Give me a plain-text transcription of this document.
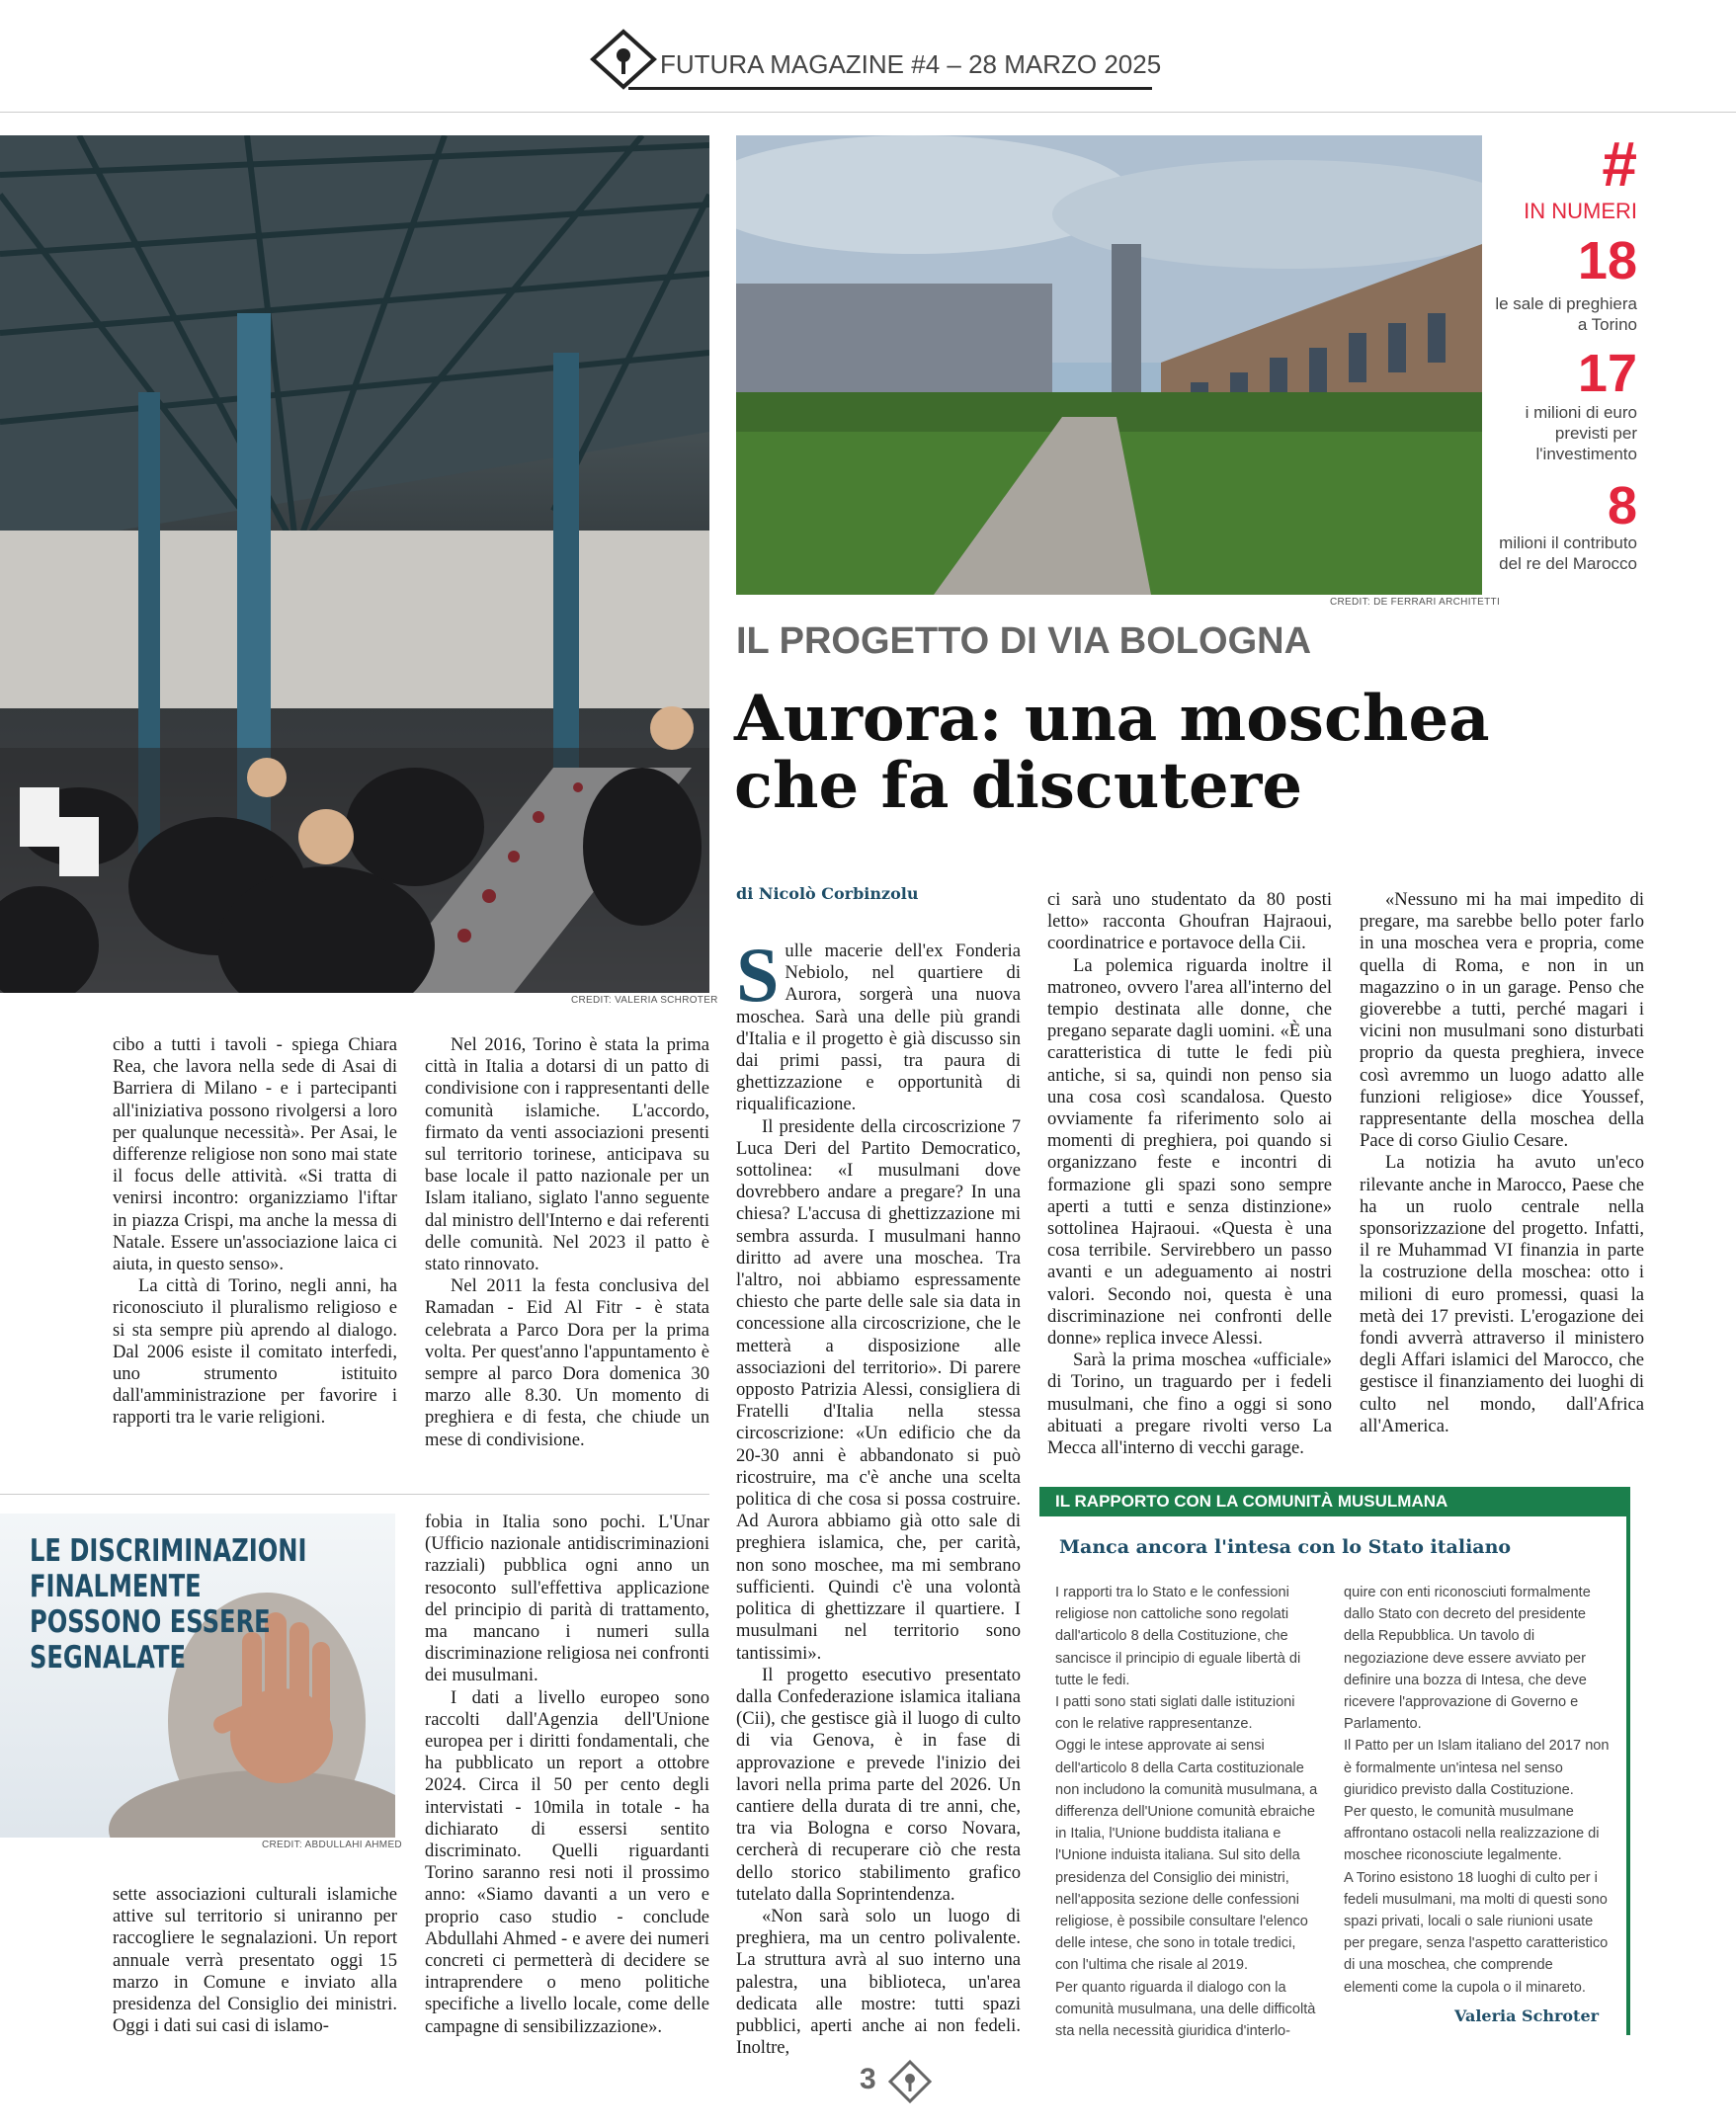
FUTURA MAGAZINE #4 – 28 MARZO 2025
CREDIT: VALERIA SCHROTER
CREDIT: DE FERRARI ARCHITETTI
#
IN NUMERI
18
le sale di preghiera a Torino
17
i milioni di euro previsti per l'investimento
8
milioni il contributo del re del Marocco
IL PROGETTO DI VIA BOLOGNA
Aurora: una moschea
che fa discutere
di Nicolò Corbinzolu

Sulle macerie dell'ex Fonderia Nebiolo, nel quartiere di Aurora, sorgerà una nuova moschea. Sarà una delle più grandi d'Italia e il progetto è già discusso sin dai primi passi, tra paura di ghettizzazione e opportunità di riqualificazione.

Il presidente della circoscrizione 7 Luca Deri del Partito Democratico, sottolinea: «I musulmani dove dovrebbero andare a pregare? In una chiesa? L'accusa di ghettizzazione mi sembra assurda. I musulmani hanno diritto ad avere una moschea. Tra l'altro, noi abbiamo espressamente chiesto che parte delle sale sia data in concessione alla circoscrizione, che le metterà a disposizione alle associazioni del territorio». Di parere opposto Patrizia Alessi, consigliera di Fratelli d'Italia nella stessa circoscrizione: «Un edificio che da 20-30 anni è abbandonato si può ricostruire, ma c'è anche una scelta politica di che cosa si possa costruire. Ad Aurora abbiamo già otto sale di preghiera islamica, che, per carità, non sono moschee, ma mi sembrano sufficienti. Quindi c'è una volontà politica di ghettizzare il quartiere. I musulmani nel territorio sono tantissimi».

Il progetto esecutivo presentato dalla Confederazione islamica italiana (Cii), che gestisce già il luogo di culto di via Genova, è in fase di approvazione e prevede l'inizio dei lavori nella prima parte del 2026. Un cantiere della durata di tre anni, che, tra via Bologna e corso Novara, cercherà di recuperare ciò che resta dello storico stabilimento grafico tutelato dalla Soprintendenza.

«Non sarà solo un luogo di preghiera, ma un centro polivalente. La struttura avrà al suo interno una palestra, una biblioteca, un'area dedicata alle mostre: tutti spazi pubblici, aperti anche ai non fedeli. Inoltre,

ci sarà uno studentato da 80 posti letto» racconta Ghoufran Hajraoui, coordinatrice e portavoce della Cii.

La polemica riguarda inoltre il matroneo, ovvero l'area all'interno del tempio destinata alle donne, che pregano separate dagli uomini. «È una caratteristica di tutte le fedi più antiche, si sa, quindi non penso sia una cosa così scandalosa. Questo ovviamente fa riferimento solo ai momenti di preghiera, poi quando si organizzano feste e incontri di formazione gli spazi sono sempre aperti a tutti e senza distinzione» sottolinea Hajraoui. «Questa è una cosa terribile. Servirebbero un passo avanti e un adeguamento ai nostri valori. Secondo noi, questa è una discriminazione nei confronti delle donne» replica invece Alessi.

Sarà la prima moschea «ufficiale» di Torino, un traguardo per i fedeli musulmani, che fino a oggi si sono abituati a pregare rivolti verso La Mecca all'interno di vecchi garage.

«Nessuno mi ha mai impedito di pregare, ma sarebbe bello poter farlo in una moschea vera e propria, come quella di Roma, e non in un magazzino o in un garage. Penso che gioverebbe a tutti, perché magari i vicini non musulmani sono disturbati proprio da questa preghiera, invece così avremmo un luogo adatto alle funzioni religiose» dice Youssef, rappresentante della moschea della Pace di corso Giulio Cesare.

La notizia ha avuto un'eco rilevante anche in Marocco, Paese che ha un ruolo centrale nella sponsorizzazione del progetto. Infatti, il re Muhammad VI finanzia in parte la costruzione della moschea: otto i milioni di euro promessi, quasi la metà dei 17 previsti. L'erogazione dei fondi avverrà attraverso il ministero degli Affari islamici del Marocco, che gestisce il finanziamento dei luoghi di culto nel mondo, dall'Africa all'America.

cibo a tutti i tavoli - spiega Chiara Rea, che lavora nella sede di Asai di Barriera di Milano - e i partecipanti all'iniziativa possono rivolgersi a loro per qualunque necessità». Per Asai, le differenze religiose non sono mai state il focus delle attività. «Si tratta di venirsi incontro: organizziamo l'iftar in piazza Crispi, ma anche la messa di Natale. Essere un'associazione laica ci aiuta, in questo senso».

La città di Torino, negli anni, ha riconosciuto il pluralismo religioso e si sta sempre più aprendo al dialogo. Dal 2006 esiste il comitato interfedi, uno strumento istituito dall'amministrazione per favorire i rapporti tra le varie religioni.

Nel 2016, Torino è stata la prima città in Italia a dotarsi di un patto di condivisione con i rappresentanti delle comunità islamiche. L'accordo, firmato da venti associazioni presenti sul territorio torinese, anticipava su base locale il patto nazionale per un Islam italiano, siglato l'anno seguente dal ministro dell'Interno e dai referenti delle comunità. Nel 2023 il patto è stato rinnovato.

Nel 2011 la festa conclusiva del Ramadan - Eid Al Fitr - è stata celebrata a Parco Dora per la prima volta. Per quest'anno l'appuntamento è sempre al parco Dora domenica 30 marzo alle 8.30. Un momento di preghiera e di festa, che chiude un mese di condivisione.

LE DISCRIMINAZIONI
FINALMENTE
POSSONO ESSERE
SEGNALATE
CREDIT: ABDULLAHI AHMED

sette associazioni culturali islamiche attive sul territorio si uniranno per raccogliere le segnalazioni. Un report annuale verrà presentato oggi 15 marzo in Comune e inviato alla presidenza del Consiglio dei ministri. Oggi i dati sui casi di islamo-

fobia in Italia sono pochi. L'Unar (Ufficio nazionale antidiscriminazioni razziali) pubblica ogni anno un resoconto sull'effettiva applicazione del principio di parità di trattamento, ma mancano i numeri sulla discriminazione religiosa nei confronti dei musulmani.

I dati a livello europeo sono raccolti dall'Agenzia dell'Unione europea per i diritti fondamentali, che ha pubblicato un report a ottobre 2024. Circa il 50 per cento degli intervistati - 10mila in totale - ha dichiarato di essersi sentito discriminato. Quelli riguardanti Torino saranno resi noti il prossimo anno: «Siamo davanti a un vero e proprio caso studio - conclude Abdullahi Ahmed - e avere dei numeri concreti ci permetterà di decidere se intraprendere o meno politiche specifiche a livello locale, come delle campagne di sensibilizzazione».

IL RAPPORTO CON LA COMUNITÀ MUSULMANA
Manca ancora l'intesa con lo Stato italiano

I rapporti tra lo Stato e le confessioni religiose non cattoliche sono regolati dall'articolo 8 della Costituzione, che sancisce il principio di eguale libertà di tutte le fedi.

I patti sono stati siglati dalle istituzioni con le relative rappresentanze.

Oggi le intese approvate ai sensi dell'articolo 8 della Carta costituzionale non includono la comunità musulmana, a differenza dell'Unione comunità ebraiche in Italia, l'Unione buddista italiana e l'Unione induista italiana. Sul sito della presidenza del Consiglio dei ministri, nell'apposita sezione delle confessioni religiose, è possibile consultare l'elenco delle intese, che sono in totale tredici, con l'ultima che risale al 2019.

Per quanto riguarda il dialogo con la comunità musulmana, una delle difficoltà sta nella necessità giuridica d'interlo-

quire con enti riconosciuti formalmente dallo Stato con decreto del presidente della Repubblica. Un tavolo di negoziazione deve essere avviato per definire una bozza di Intesa, che deve ricevere l'approvazione di Governo e Parlamento.

Il Patto per un Islam italiano del 2017 non è formalmente un'intesa nel senso giuridico previsto dalla Costituzione.

Per questo, le comunità musulmane affrontano ostacoli nella realizzazione di moschee riconosciute legalmente.

A Torino esistono 18 luoghi di culto per i fedeli musulmani, ma molti di questi sono spazi privati, locali o sale riunioni usate per pregare, senza l'aspetto caratteristico di una moschea, che comprende elementi come la cupola o il minareto.

Valeria Schroter
3
